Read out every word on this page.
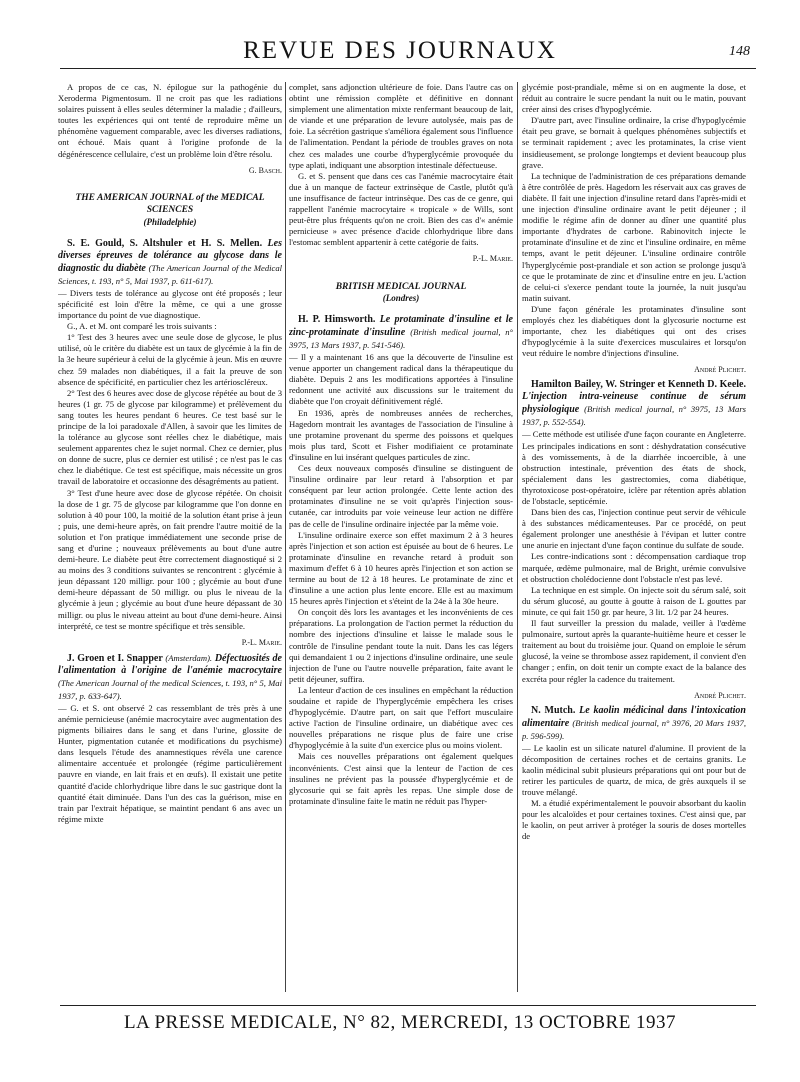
REVUE DES JOURNAUX	148

A propos de ce cas, N. épilogue sur la pathogénie du Xeroderma Pigmentosum. Il ne croit pas que les radiations solaires puissent à elles seules déterminer la maladie ; d'ailleurs, toutes les expériences qui ont tenté de reproduire même un phénomène vaguement comparable, avec les diverses radiations, ont échoué. Mais quant à l'origine profonde de la dégénérescence cellulaire, c'est un problème loin d'être résolu.

G. Basch.
THE AMERICAN JOURNAL of the MEDICAL SCIENCES
(Philadelphie)

S. E. Gould, S. Altshuler et H. S. Mellen. Les diverses épreuves de tolérance au glycose dans le diagnostic du diabète (The American Journal of the Medical Sciences, t. 193, n° 5, Mai 1937, p. 611-617).

— Divers tests de tolérance au glycose ont été proposés ; leur spécificité est loin d'être la même, ce qui a une grosse importance du point de vue diagnostique.

G., A. et M. ont comparé les trois suivants :

1° Test des 3 heures avec une seule dose de glycose, le plus utilisé, où le critère du diabète est un taux de glycémie à la fin de la 3e heure supérieur à celui de la glycémie à jeun. Mis en œuvre chez 59 malades non diabétiques, il a fait la preuve de son absence de spécificité, en particulier chez les artérioscléreux.

2° Test des 6 heures avec dose de glycose répétée au bout de 3 heures (1 gr. 75 de glycose par kilogramme) et prélèvement du sang toutes les heures pendant 6 heures. Ce test basé sur le principe de la loi paradoxale d'Allen, à savoir que les limites de la tolérance au glycose sont réelles chez le diabétique, mais seulement apparentes chez le sujet normal. Chez ce dernier, plus on donne de sucre, plus ce dernier est utilisé ; ce n'est pas le cas chez le diabétique. Ce test est spécifique, mais nécessite un gros travail de laboratoire et occasionne des désagréments au patient.

3° Test d'une heure avec dose de glycose répétée. On choisit la dose de 1 gr. 75 de glycose par kilogramme que l'on donne en solution à 40 pour 100, la moitié de la solution étant prise à jeun ; puis, une demi-heure après, on fait prendre l'autre moitié de la solution et l'on pratique immédiatement une seconde prise de sang et d'urine ; nouveaux prélèvements au bout d'une autre demi-heure. Le diabète peut être correctement diagnostiqué si 2 au moins des 3 conditions suivantes se rencontrent : glycémie à jeun dépassant 120 milligr. pour 100 ; glycémie au bout d'une demi-heure dépassant de 50 milligr. ou plus le niveau de la glycémie à jeun ; glycémie au bout d'une heure dépassant de 30 milligr. ou plus le niveau atteint au bout d'une demi-heure. Ainsi interprété, ce test se montre spécifique et très sensible.

P.-L. Marie.

J. Groen et I. Snapper (Amsterdam). Défectuosités de l'alimentation à l'origine de l'anémie macrocytaire (The American Journal of the medical Sciences, t. 193, n° 5, Mai 1937, p. 633-647).

— G. et S. ont observé 2 cas ressemblant de très près à une anémie pernicieuse (anémie macrocytaire avec augmentation des pigments biliaires dans le sang et dans l'urine, glossite de Hunter, pigmentation cutanée et modifications du psychisme) dans lesquels l'étude des anamnestiques révéla une carence alimentaire accentuée et prolongée (régime particulièrement pauvre en viande, en lait frais et en œufs). Il existait une petite quantité d'acide chlorhydrique libre dans le suc gastrique dont la quantité était diminuée. Dans l'un des cas la guérison, mise en train par l'extrait hépatique, se maintint pendant 6 ans avec un régime mixte

complet, sans adjonction ultérieure de foie. Dans l'autre cas on obtint une rémission complète et définitive en donnant simplement une alimentation mixte renfermant beaucoup de lait, de viande et une préparation de levure autolysée, mais pas de foie. La sécrétion gastrique s'améliora également sous l'influence de l'alimentation. Pendant la période de troubles graves on nota chez ces malades une courbe d'hyperglycémie provoquée du type aplati, indiquant une absorption intestinale défectueuse.

G. et S. pensent que dans ces cas l'anémie macrocytaire était due à un manque de facteur extrinsèque de Castle, plutôt qu'à une insuffisance de facteur intrinsèque. Des cas de ce genre, qui rappellent l'anémie macrocytaire « tropicale » de Wills, sont peut-être plus fréquents qu'on ne croit. Bien des cas d'« anémie pernicieuse » avec présence d'acide chlorhydrique libre dans l'estomac semblent appartenir à cette catégorie de faits.

P.-L. Marie.
BRITISH MEDICAL JOURNAL
(Londres)

H. P. Himsworth. Le protaminate d'insuline et le zinc-protaminate d'insuline (British medical journal, n° 3975, 13 Mars 1937, p. 541-546).

— Il y a maintenant 16 ans que la découverte de l'insuline est venue apporter un changement radical dans la thérapeutique du diabète. Depuis 2 ans les modifications apportées à l'insuline redonnent une activité aux discussions sur le traitement du diabète que l'on croyait définitivement réglé.

En 1936, après de nombreuses années de recherches, Hagedorn montrait les avantages de l'association de l'insuline à une protamine provenant du sperme des poissons et quelques mois plus tard, Scott et Fisher modifiaient ce protaminate d'insuline en lui insérant quelques particules de zinc.

Ces deux nouveaux composés d'insuline se distinguent de l'insuline ordinaire par leur retard à l'absorption et par conséquent par leur action prolongée. Cette lente action des protaminates d'insuline ne se voit qu'après l'injection sous-cutanée, car introduits par voie veineuse leur action ne diffère pas de celle de l'insuline ordinaire injectée par la même voie.

L'insuline ordinaire exerce son effet maximum 2 à 3 heures après l'injection et son action est épuisée au bout de 6 heures. Le protaminate d'insuline en revanche retard à produit son maximum d'effet 6 à 10 heures après l'injection et son action se termine au bout de 12 à 18 heures. Le protaminate de zinc et d'insuline a une action plus lente encore. Elle est au maximum 15 heures après l'injection et s'éteint de la 24e à la 30e heure.

On conçoit dès lors les avantages et les inconvénients de ces préparations. La prolongation de l'action permet la réduction du nombre des injections d'insuline et laisse le malade sous le contrôle de l'insuline pendant toute la nuit. Dans les cas légers qui demandaient 1 ou 2 injections d'insuline ordinaire, une seule injection de l'une ou l'autre nouvelle préparation, faite avant le petit déjeuner, suffira.

La lenteur d'action de ces insulines en empêchant la réduction soudaine et rapide de l'hyperglycémie empêchera les crises d'hypoglycémie. D'autre part, on sait que l'effort musculaire active l'action de l'insuline ordinaire, un diabétique avec ces nouvelles préparations ne risque plus de faire une crise d'hypoglycémie à la suite d'un exercice plus ou moins violent.

Mais ces nouvelles préparations ont également quelques inconvénients. C'est ainsi que la lenteur de l'action de ces insulines ne prévient pas la poussée d'hyperglycémie et de glycosurie qui se fait après les repas. Une simple dose de protaminate d'insuline faite le matin ne réduit pas l'hyper-

glycémie post-prandiale, même si on en augmente la dose, et réduit au contraire le sucre pendant la nuit ou le matin, pouvant créer ainsi des crises d'hypoglycémie.

D'autre part, avec l'insuline ordinaire, la crise d'hypoglycémie était peu grave, se bornait à quelques phénomènes subjectifs et se terminait rapidement ; avec les protaminates, la crise vient insidieusement, se prolonge longtemps et devient beaucoup plus grave.

La technique de l'administration de ces préparations demande à être contrôlée de près. Hagedorn les réservait aux cas graves de diabète. Il fait une injection d'insuline retard dans l'après-midi et une injection d'insuline ordinaire avant le petit déjeuner ; il modifie le régime afin de donner au dîner une quantité plus importante d'hydrates de carbone. Rabinovitch injecte le protaminate d'insuline et de zinc et l'insuline ordinaire, en même temps, avant le petit déjeuner. L'insuline ordinaire contrôle l'hyperglycémie post-prandiale et son action se prolonge jusqu'à ce que le protaminate de zinc et d'insuline entre en jeu. L'action de celui-ci s'exerce pendant toute la journée, la nuit jusqu'au matin suivant.

D'une façon générale les protaminates d'insuline sont employés chez les diabétiques dont la glycosurie nocturne est importante, chez les diabétiques qui ont des crises d'hypoglycémie à la suite d'exercices musculaires et lorsqu'on veut réduire le nombre d'injections d'insuline.

André Plichet.

Hamilton Bailey, W. Stringer et Kenneth D. Keele. L'injection intra-veineuse continue de sérum physiologique (British medical journal, n° 3975, 13 Mars 1937, p. 552-554).

— Cette méthode est utilisée d'une façon courante en Angleterre. Les principales indications en sont : déshydratation consécutive à des vomissements, à de la diarrhée incoercible, à une obstruction intestinale, prévention des états de shock, spécialement dans les gastrectomies, coma diabétique, thyrotoxicose post-opératoire, iclère par rétention après ablation de l'obstacle, septicémie.

Dans bien des cas, l'injection continue peut servir de véhicule à des substances médicamenteuses. Par ce procédé, on peut également prolonger une anesthésie à l'évipan et lutter contre une anurie en injectant d'une façon continue du sulfate de soude.

Les contre-indications sont : décompensation cardiaque trop marquée, œdème pulmonaire, mal de Bright, urémie convulsive et obstruction cholédocienne dont l'obstacle n'est pas levé.

La technique en est simple. On injecte soit du sérum salé, soit du sérum glucosé, au goutte à goutte à raison de L gouttes par minute, ce qui fait 150 gr. par heure, 3 lit. 1/2 par 24 heures.

Il faut surveiller la pression du malade, veiller à l'œdème pulmonaire, surtout après la quarante-huitième heure et cesser le traitement au bout du troisième jour. Quand on emploie le sérum glucosé, la veine se thrombose assez rapidement, il convient d'en changer ; enfin, on doit tenir un compte exact de la balance des excréta pour régler la cadence du traitement.

André Plichet.

N. Mutch. Le kaolin médicinal dans l'intoxication alimentaire (British medical journal, n° 3976, 20 Mars 1937, p. 596-599).

— Le kaolin est un silicate naturel d'alumine. Il provient de la décomposition de certaines roches et de certains granits. Le kaolin médicinal subit plusieurs préparations qui ont pour but de retirer les particules de quartz, de mica, de grès auxquels il se trouve mélangé.

M. a étudié expérimentalement le pouvoir absorbant du kaolin pour les alcaloïdes et pour certaines toxines. C'est ainsi que, par le kaolin, on peut arriver à protéger la souris de doses mortelles de

LA PRESSE MEDICALE, N° 82, MERCREDI, 13 OCTOBRE 1937
